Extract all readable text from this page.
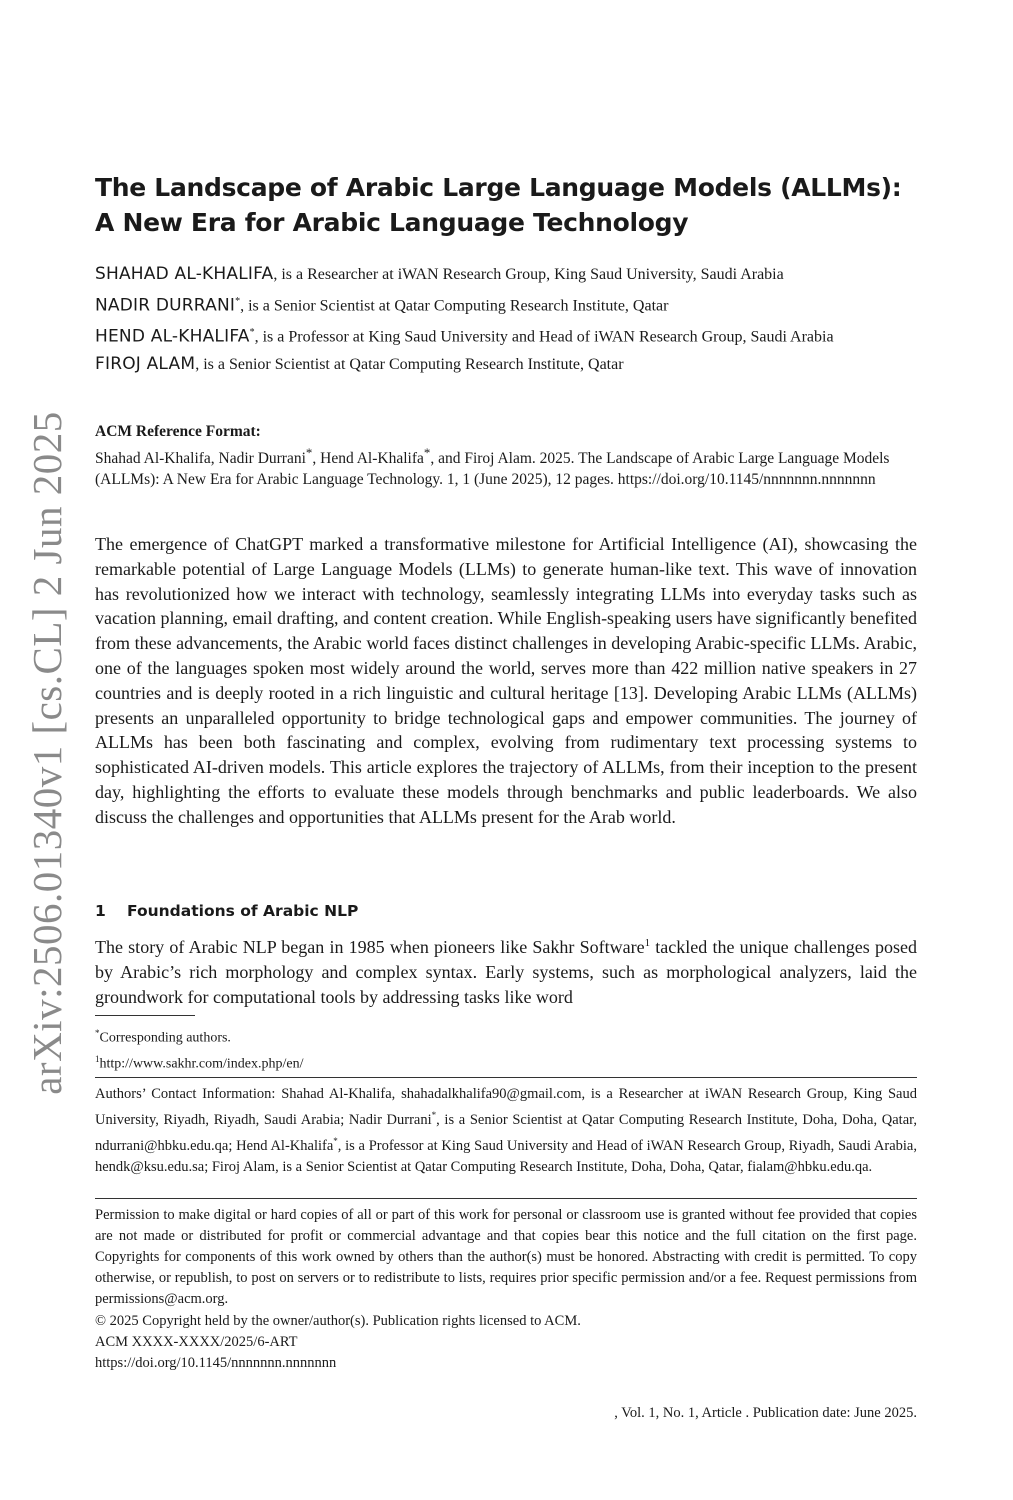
arXiv:2506.01340v1 [cs.CL] 2 Jun 2025
The Landscape of Arabic Large Language Models (ALLMs): A New Era for Arabic Language Technology
SHAHAD AL-KHALIFA, is a Researcher at iWAN Research Group, King Saud University, Saudi Arabia
NADIR DURRANI*, is a Senior Scientist at Qatar Computing Research Institute, Qatar
HEND AL-KHALIFA*, is a Professor at King Saud University and Head of iWAN Research Group, Saudi Arabia
FIROJ ALAM, is a Senior Scientist at Qatar Computing Research Institute, Qatar
ACM Reference Format:

Shahad Al-Khalifa, Nadir Durrani*, Hend Al-Khalifa*, and Firoj Alam. 2025. The Landscape of Arabic Large Language Models (ALLMs): A New Era for Arabic Language Technology. 1, 1 (June 2025), 12 pages. https://doi.org/10.1145/nnnnnnn.nnnnnnn

The emergence of ChatGPT marked a transformative milestone for Artificial Intelligence (AI), showcasing the remarkable potential of Large Language Models (LLMs) to generate human-like text. This wave of innovation has revolutionized how we interact with technology, seamlessly integrating LLMs into everyday tasks such as vacation planning, email drafting, and content creation. While English-speaking users have significantly benefited from these advancements, the Arabic world faces distinct challenges in developing Arabic-specific LLMs. Arabic, one of the languages spoken most widely around the world, serves more than 422 million native speakers in 27 countries and is deeply rooted in a rich linguistic and cultural heritage [13]. Developing Arabic LLMs (ALLMs) presents an unparalleled opportunity to bridge technological gaps and empower communities. The journey of ALLMs has been both fascinating and complex, evolving from rudimentary text processing systems to sophisticated AI-driven models. This article explores the trajectory of ALLMs, from their inception to the present day, highlighting the efforts to evaluate these models through benchmarks and public leaderboards. We also discuss the challenges and opportunities that ALLMs present for the Arab world.

1 Foundations of Arabic NLP

The story of Arabic NLP began in 1985 when pioneers like Sakhr Software$^1$ tackled the unique challenges posed by Arabic’s rich morphology and complex syntax. Early systems, such as morphological analyzers, laid the groundwork for computational tools by addressing tasks like word

*Corresponding authors.
$^1$http://www.sakhr.com/index.php/en/

Authors’ Contact Information: Shahad Al-Khalifa, shahadalkhalifa90@gmail.com, is a Researcher at iWAN Research Group, King Saud University, Riyadh, Riyadh, Saudi Arabia; Nadir Durrani*, is a Senior Scientist at Qatar Computing Research Institute, Doha, Doha, Qatar, ndurrani@hbku.edu.qa; Hend Al-Khalifa*, is a Professor at King Saud University and Head of iWAN Research Group, Riyadh, Saudi Arabia, hendk@ksu.edu.sa; Firoj Alam, is a Senior Scientist at Qatar Computing Research Institute, Doha, Doha, Qatar, fialam@hbku.edu.qa.

Permission to make digital or hard copies of all or part of this work for personal or classroom use is granted without fee provided that copies are not made or distributed for profit or commercial advantage and that copies bear this notice and the full citation on the first page. Copyrights for components of this work owned by others than the author(s) must be honored. Abstracting with credit is permitted. To copy otherwise, or republish, to post on servers or to redistribute to lists, requires prior specific permission and/or a fee. Request permissions from permissions@acm.org.

© 2025 Copyright held by the owner/author(s). Publication rights licensed to ACM.
ACM XXXX-XXXX/2025/6-ART
https://doi.org/10.1145/nnnnnnn.nnnnnnn
, Vol. 1, No. 1, Article . Publication date: June 2025.
